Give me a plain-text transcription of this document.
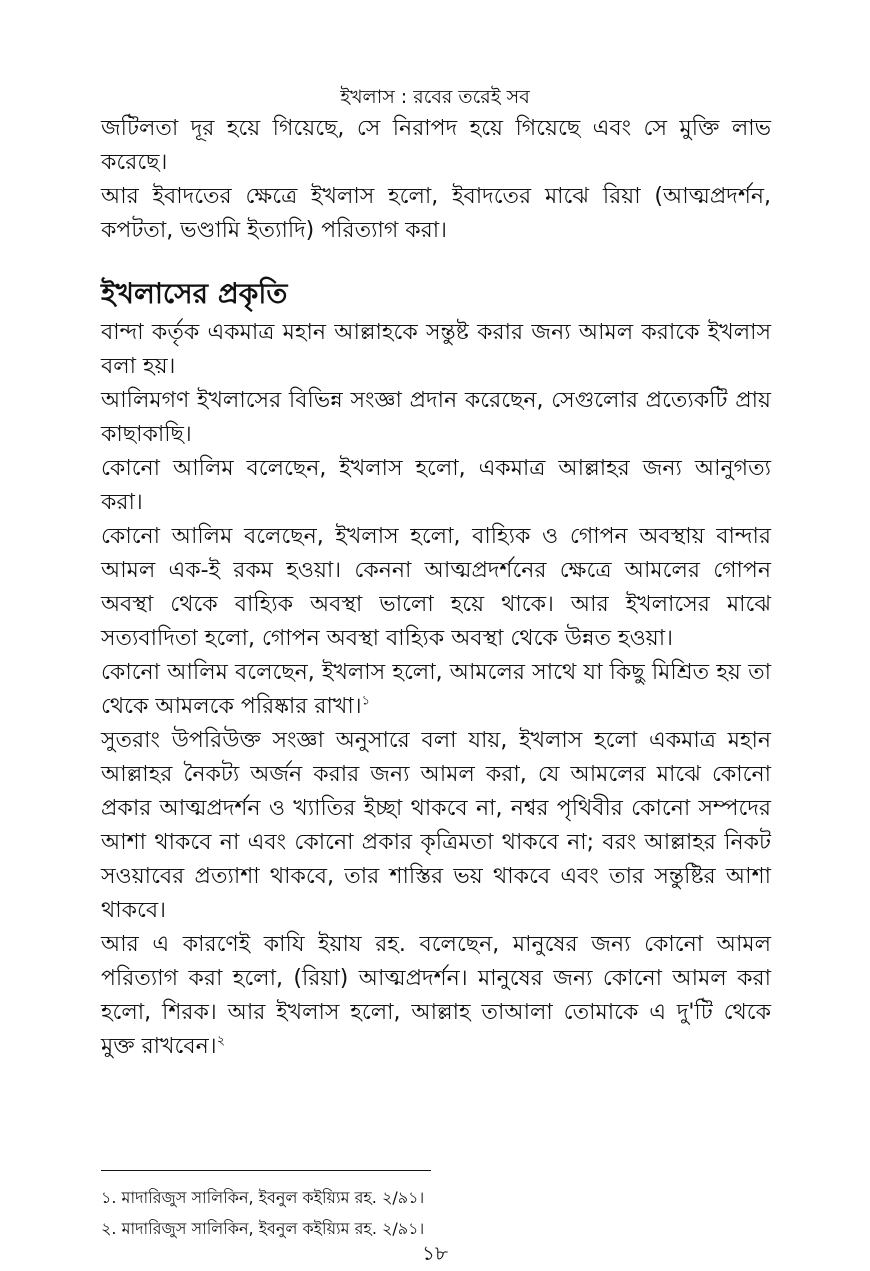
ইখলাস : রবের তরেই সব

জটিলতা দূর হয়ে গিয়েছে, সে নিরাপদ হয়ে গিয়েছে এবং সে মুক্তি লাভ করেছে।

আর ইবাদতের ক্ষেত্রে ইখলাস হলো, ইবাদতের মাঝে রিয়া (আত্মপ্রদর্শন, কপটতা, ভণ্ডামি ইত্যাদি) পরিত্যাগ করা।

ইখলাসের প্রকৃতি

বান্দা কর্তৃক একমাত্র মহান আল্লাহকে সন্তুষ্ট করার জন্য আমল করাকে ইখলাস বলা হয়।

আলিমগণ ইখলাসের বিভিন্ন সংজ্ঞা প্রদান করেছেন, সেগুলোর প্রত্যেকটি প্রায় কাছাকাছি।

কোনো আলিম বলেছেন, ইখলাস হলো, একমাত্র আল্লাহর জন্য আনুগত্য করা।

কোনো আলিম বলেছেন, ইখলাস হলো, বাহ্যিক ও গোপন অবস্থায় বান্দার আমল এক-ই রকম হওয়া। কেননা আত্মপ্রদর্শনের ক্ষেত্রে আমলের গোপন অবস্থা থেকে বাহ্যিক অবস্থা ভালো হয়ে থাকে। আর ইখলাসের মাঝে সত্যবাদিতা হলো, গোপন অবস্থা বাহ্যিক অবস্থা থেকে উন্নত হওয়া।

কোনো আলিম বলেছেন, ইখলাস হলো, আমলের সাথে যা কিছু মিশ্রিত হয় তা থেকে আমলকে পরিষ্কার রাখা।$^১$

সুতরাং উপরিউক্ত সংজ্ঞা অনুসারে বলা যায়, ইখলাস হলো একমাত্র মহান আল্লাহর নৈকট্য অর্জন করার জন্য আমল করা, যে আমলের মাঝে কোনো প্রকার আত্মপ্রদর্শন ও খ্যাতির ইচ্ছা থাকবে না, নশ্বর পৃথিবীর কোনো সম্পদের আশা থাকবে না এবং কোনো প্রকার কৃত্রিমতা থাকবে না; বরং আল্লাহর নিকট সওয়াবের প্রত্যাশা থাকবে, তার শাস্তির ভয় থাকবে এবং তার সন্তুষ্টির আশা থাকবে।

আর এ কারণেই কাযি ইয়ায রহ. বলেছেন, মানুষের জন্য কোনো আমল পরিত্যাগ করা হলো, (রিয়া) আত্মপ্রদর্শন। মানুষের জন্য কোনো আমল করা হলো, শিরক। আর ইখলাস হলো, আল্লাহ তাআলা তোমাকে এ দু'টি থেকে মুক্ত রাখবেন।$^২$

১. মাদারিজুস সালিকিন, ইবনুল কইয়্যিম রহ. ২/৯১।
২. মাদারিজুস সালিকিন, ইবনুল কইয়্যিম রহ. ২/৯১।
১৮
